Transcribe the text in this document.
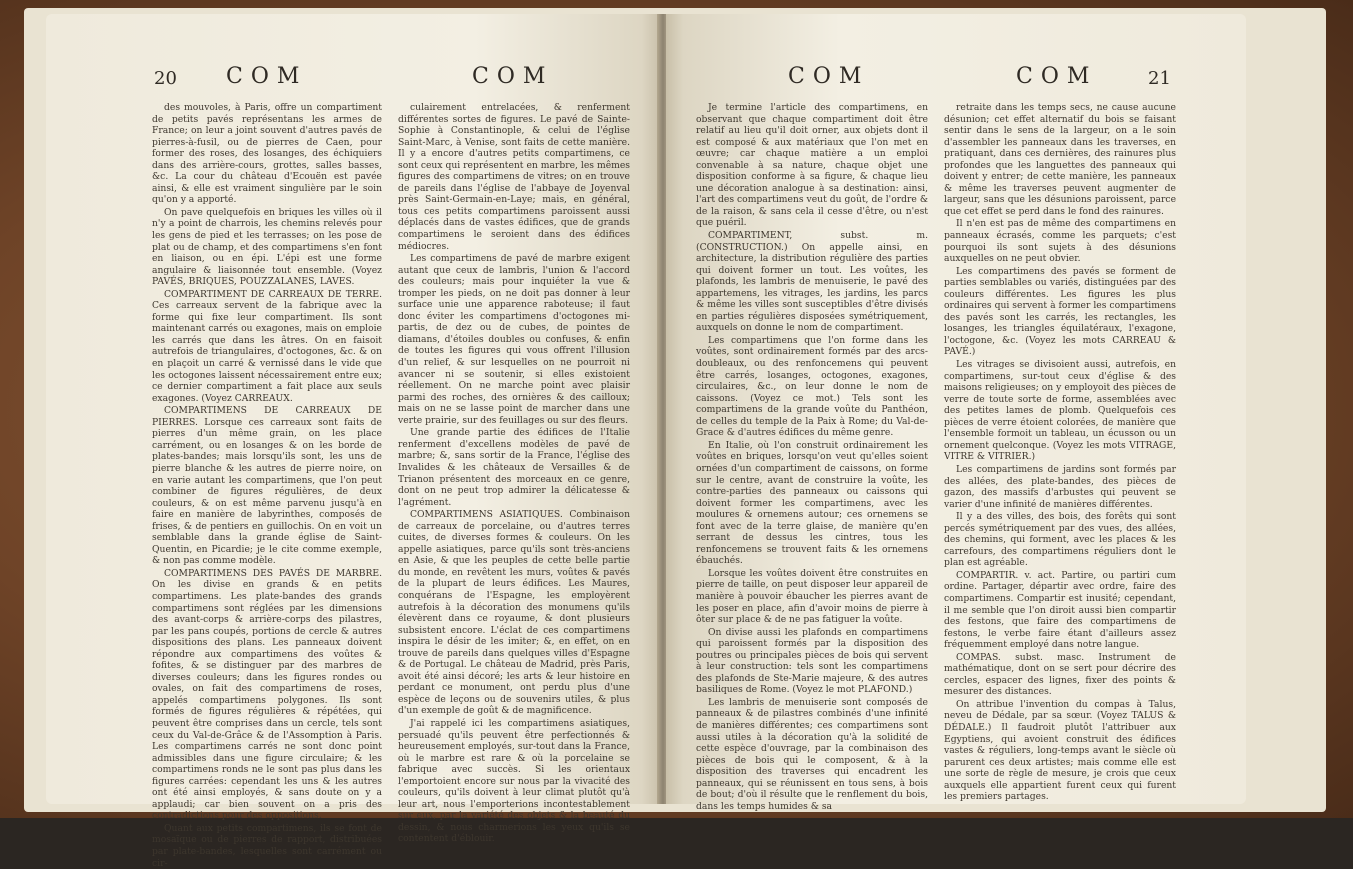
20 COM	COM

des mouvoles, à Paris, offre un compartiment de petits pavés représentans les armes de France; on leur a joint souvent d'autres pavés de pierres-à-fusil, ou de pierres de Caen, pour former des roses, des losanges, des échiquiers dans des arrière-cours, grottes, salles basses, &c. La cour du château d'Ecouën est pavée ainsi, & elle est vraiment singulière par le soin qu'on y a apporté.

On pave quelquefois en briques les villes où il n'y a point de charrois, les chemins relevés pour les gens de pied et les terrasses; on les pose de plat ou de champ, et des compartimens s'en font en liaison, ou en épi. L'épi est une forme angulaire & liaisonnée tout ensemble. (Voyez PAVÉS, BRIQUES, POUZZALANES, LAVES.

COMPARTIMENT DE CARREAUX DE TERRE. Ces carreaux servent de la fabrique avec la forme qui fixe leur compartiment. Ils sont maintenant carrés ou exagones, mais on emploie les carrés que dans les âtres. On en faisoit autrefois de triangulaires, d'octogones, &c. & on en plaçoit un carré & vernissé dans le vide que les octogones laissent nécessairement entre eux; ce dernier compartiment a fait place aux seuls exagones. (Voyez CARREAUX.

COMPARTIMENS DE CARREAUX DE PIERRES. Lorsque ces carreaux sont faits de pierres d'un même grain, on les place carrément, ou en losanges & on les borde de plates-bandes; mais lorsqu'ils sont, les uns de pierre blanche & les autres de pierre noire, on en varie autant les compartimens, que l'on peut combiner de figures régulières, de deux couleurs, & on est même parvenu jusqu'à en faire en manière de labyrinthes, composés de frises, & de pentiers en guillochis. On en voit un semblable dans la grande église de Saint-Quentin, en Picardie; je le cite comme exemple, & non pas comme modèle.

COMPARTIMENS DES PAVÉS DE MARBRE. On les divise en grands & en petits compartimens. Les plate-bandes des grands compartimens sont réglées par les dimensions des avant-corps & arrière-corps des pilastres, par les pans coupés, portions de cercle & autres dispositions des plans. Les panneaux doivent répondre aux compartimens des voûtes & fofites, & se distinguer par des marbres de diverses couleurs; dans les figures rondes ou ovales, on fait des compartimens de roses, appelés compartimens polygones. Ils sont formés de figures régulières & répétées, qui peuvent être comprises dans un cercle, tels sont ceux du Val-de-Grâce & de l'Assomption à Paris. Les compartimens carrés ne sont donc point admissibles dans une figure circulaire; & les compartimens ronds ne le sont pas plus dans les figures carrées: cependant les uns & les autres ont été ainsi employés, & sans doute on y a applaudi; car bien souvent on a pris des contradictions pour des oppositions.

Quant aux petits compartimens, ils se font de mosaïque ou de pierres de rapport, distribuées par plate-bandes, lesquelles sont carrément ou cir-

culairement entrelacées, & renferment différentes sortes de figures. Le pavé de Sainte-Sophie à Constantinople, & celui de l'église Saint-Marc, à Venise, sont faits de cette manière. Il y a encore d'autres petits compartimens, ce sont ceux qui représentent en marbre, les mêmes figures des compartimens de vitres; on en trouve de pareils dans l'église de l'abbaye de Joyenval près Saint-Germain-en-Laye; mais, en général, tous ces petits compartimens paroissent aussi déplacés dans de vastes édifices, que de grands compartimens le seroient dans des édifices médiocres.

Les compartimens de pavé de marbre exigent autant que ceux de lambris, l'union & l'accord des couleurs; mais pour inquiéter la vue & tromper les pieds, on ne doit pas donner à leur surface unie une apparence raboteuse; il faut donc éviter les compartimens d'octogones mi-partis, de dez ou de cubes, de pointes de diamans, d'étoiles doubles ou confuses, & enfin de toutes les figures qui vous offrent l'illusion d'un relief, & sur lesquelles on ne pourroit ni avancer ni se soutenir, si elles existoient réellement. On ne marche point avec plaisir parmi des roches, des ornières & des cailloux; mais on ne se lasse point de marcher dans une verte prairie, sur des feuillages ou sur des fleurs.

Une grande partie des édifices de l'Italie renferment d'excellens modèles de pavé de marbre; &, sans sortir de la France, l'église des Invalides & les châteaux de Versailles & de Trianon présentent des morceaux en ce genre, dont on ne peut trop admirer la délicatesse & l'agrément.

COMPARTIMENS ASIATIQUES. Combinaison de carreaux de porcelaine, ou d'autres terres cuites, de diverses formes & couleurs. On les appelle asiatiques, parce qu'ils sont très-anciens en Asie, & que les peuples de cette belle partie du monde, en revêtent les murs, voûtes & pavés de la plupart de leurs édifices. Les Maures, conquérans de l'Espagne, les employèrent autrefois à la décoration des monumens qu'ils élevèrent dans ce royaume, & dont plusieurs subsistent encore. L'éclat de ces compartimens inspira le désir de les imiter; &, en effet, on en trouve de pareils dans quelques villes d'Espagne & de Portugal. Le château de Madrid, près Paris, avoit été ainsi décoré; les arts & leur histoire en perdant ce monument, ont perdu plus d'une espèce de leçons ou de souvenirs utiles, & plus d'un exemple de goût & de magnificence.

J'ai rappelé ici les compartimens asiatiques, persuadé qu'ils peuvent être perfectionnés & heureusement employés, sur-tout dans la France, où le marbre est rare & où la porcelaine se fabrique avec succès. Si les orientaux l'emportoient encore sur nous par la vivacité des couleurs, qu'ils doivent à leur climat plutôt qu'à leur art, nous l'emporterions incontestablement sur eux, par la variété des objets & la beauté du dessin, & nous charmerions les yeux qu'ils se contentent d'éblouir.

COM	COM	21

Je termine l'article des compartimens, en observant que chaque compartiment doit être relatif au lieu qu'il doit orner, aux objets dont il est composé & aux matériaux que l'on met en œuvre; car chaque matière a un emploi convenable à sa nature, chaque objet une disposition conforme à sa figure, & chaque lieu une décoration analogue à sa destination: ainsi, l'art des compartimens veut du goût, de l'ordre & de la raison, & sans cela il cesse d'être, ou n'est que puéril.

COMPARTIMENT, subst. m. (CONSTRUCTION.) On appelle ainsi, en architecture, la distribution régulière des parties qui doivent former un tout. Les voûtes, les plafonds, les lambris de menuiserie, le pavé des appartemens, les vitrages, les jardins, les parcs & même les villes sont susceptibles d'être divisés en parties régulières disposées symétriquement, auxquels on donne le nom de compartiment.

Les compartimens que l'on forme dans les voûtes, sont ordinairement formés par des arcs-doubleaux, ou des renfoncemens qui peuvent être carrés, losanges, octogones, exagones, circulaires, &c., on leur donne le nom de caissons. (Voyez ce mot.) Tels sont les compartimens de la grande voûte du Panthéon, de celles du temple de la Paix à Rome; du Val-de-Grace & d'autres édifices du même genre.

En Italie, où l'on construit ordinairement les voûtes en briques, lorsqu'on veut qu'elles soient ornées d'un compartiment de caissons, on forme sur le centre, avant de construire la voûte, les contre-parties des panneaux ou caissons qui doivent former les compartimens, avec les moulures & ornemens autour; ces ornemens se font avec de la terre glaise, de manière qu'en serrant de dessus les cintres, tous les renfoncemens se trouvent faits & les ornemens ébauchés.

Lorsque les voûtes doivent être construites en pierre de taille, on peut disposer leur appareil de manière à pouvoir ébaucher les pierres avant de les poser en place, afin d'avoir moins de pierre à ôter sur place & de ne pas fatiguer la voûte.

On divise aussi les plafonds en compartimens qui paroissent formés par la disposition des poutres ou principales pièces de bois qui servent à leur construction: tels sont les compartimens des plafonds de Ste-Marie majeure, & des autres basiliques de Rome. (Voyez le mot PLAFOND.)

Les lambris de menuiserie sont composés de panneaux & de pilastres combinés d'une infinité de manières différentes; ces compartimens sont aussi utiles à la décoration qu'à la solidité de cette espèce d'ouvrage, par la combinaison des pièces de bois qui le composent, & à la disposition des traverses qui encadrent les panneaux, qui se réunissent en tous sens, à bois de bout; d'où il résulte que le renflement du bois, dans les temps humides & sa

retraite dans les temps secs, ne cause aucune désunion; cet effet alternatif du bois se faisant sentir dans le sens de la largeur, on a le soin d'assembler les panneaux dans les traverses, en pratiquant, dans ces dernières, des rainures plus profondes que les languettes des panneaux qui doivent y entrer; de cette manière, les panneaux & même les traverses peuvent augmenter de largeur, sans que les désunions paroissent, parce que cet effet se perd dans le fond des rainures.

Il n'en est pas de même des compartimens en panneaux écrasés, comme les parquets; c'est pourquoi ils sont sujets à des désunions auxquelles on ne peut obvier.

Les compartimens des pavés se forment de parties semblables ou variés, distinguées par des couleurs différentes. Les figures les plus ordinaires qui servent à former les compartimens des pavés sont les carrés, les rectangles, les losanges, les triangles équilatéraux, l'exagone, l'octogone, &c. (Voyez les mots CARREAU & PAVÉ.)

Les vitrages se divisoient aussi, autrefois, en compartimens, sur-tout ceux d'église & des maisons religieuses; on y employoit des pièces de verre de toute sorte de forme, assemblées avec des petites lames de plomb. Quelquefois ces pièces de verre étoient colorées, de manière que l'ensemble formoit un tableau, un écusson ou un ornement quelconque. (Voyez les mots VITRAGE, VITRE & VITRIER.)

Les compartimens de jardins sont formés par des allées, des plate-bandes, des pièces de gazon, des massifs d'arbustes qui peuvent se varier d'une infinité de manières différentes.

Il y a des villes, des bois, des forêts qui sont percés symétriquement par des vues, des allées, des chemins, qui forment, avec les places & les carrefours, des compartimens réguliers dont le plan est agréable.

COMPARTIR. v. act. Partire, ou partiri cum ordine. Partager, départir avec ordre, faire des compartimens. Compartir est inusité; cependant, il me semble que l'on diroit aussi bien compartir des festons, que faire des compartimens de festons, le verbe faire étant d'ailleurs assez fréquemment employé dans notre langue.

COMPAS. subst. masc. Instrument de mathématique, dont on se sert pour décrire des cercles, espacer des lignes, fixer des points & mesurer des distances.

On attribue l'invention du compas à Talus, neveu de Dédale, par sa sœur. (Voyez TALUS & DÉDALE.) Il faudroit plutôt l'attribuer aux Egyptiens, qui avoient construit des édifices vastes & réguliers, long-temps avant le siècle où parurent ces deux artistes; mais comme elle est une sorte de règle de mesure, je crois que ceux auxquels elle appartient furent ceux qui furent les premiers partages.
